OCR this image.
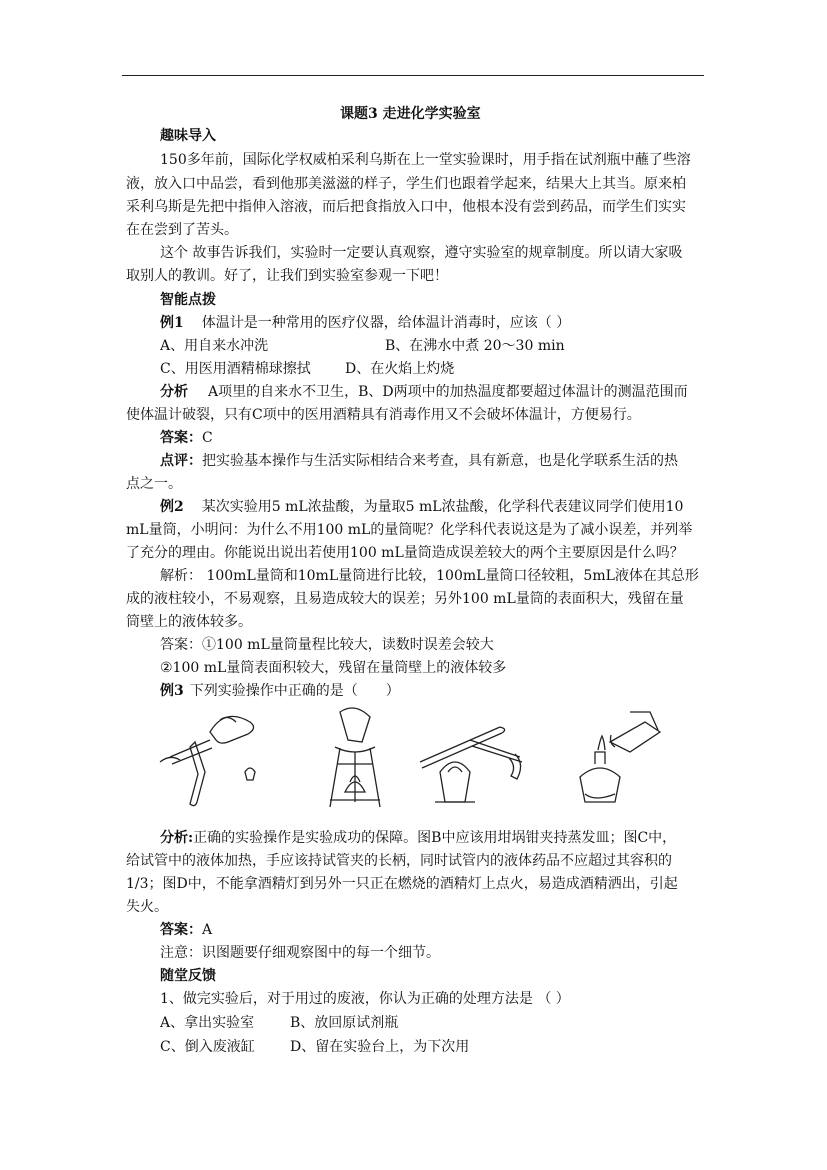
课题3 走进化学实验室
趣味导入
150多年前，国际化学权威柏采利乌斯在上一堂实验课时，用手指在试剂瓶中蘸了些溶
液，放入口中品尝，看到他那美滋滋的样子，学生们也跟着学起来，结果大上其当。原来柏
采利乌斯是先把中指伸入溶液，而后把食指放入口中，他根本没有尝到药品，而学生们实实
在在尝到了苦头。
这个 故事告诉我们，实验时一定要认真观察，遵守实验室的规章制度。所以请大家吸
取别人的教训。好了，让我们到实验室参观一下吧！
智能点拨
例1 体温计是一种常用的医疗仪器，给体温计消毒时，应该（ ）
A、用自来水冲洗	B、在沸水中煮 20～30 min
C、用医用酒精棉球擦拭 D、在火焰上灼烧
分析 A项里的自来水不卫生，B、D两项中的加热温度都要超过体温计的测温范围而
使体温计破裂，只有C项中的医用酒精具有消毒作用又不会破坏体温计，方便易行。
答案：C
点评：把实验基本操作与生活实际相结合来考查，具有新意，也是化学联系生活的热
点之一。
例2 某次实验用5 mL浓盐酸，为量取5 mL浓盐酸，化学科代表建议同学们使用10
mL量筒，小明问：为什么不用100 mL的量筒呢？化学科代表说这是为了减小误差，并列举
了充分的理由。你能说出说出若使用100 mL量筒造成误差较大的两个主要原因是什么吗？
解析： 100mL量筒和10mL量筒进行比较，100mL量筒口径较粗，5mL液体在其总形
成的液柱较小，不易观察，且易造成较大的误差；另外100 mL量筒的表面积大，残留在量
筒壁上的液体较多。
答案：①100 mL量筒量程比较大，读数时误差会较大
②100 mL量筒表面积较大，残留在量筒壁上的液体较多
例3 下列实验操作中正确的是（　　）
分析:正确的实验操作是实验成功的保障。图B中应该用坩埚钳夹持蒸发皿；图C中，
给试管中的液体加热，手应该持试管夹的长柄，同时试管内的液体药品不应超过其容积的
1/3；图D中，不能拿酒精灯到另外一只正在燃烧的酒精灯上点火，易造成酒精洒出，引起
失火。
答案：A
注意：识图题要仔细观察图中的每一个细节。
随堂反馈
1、做完实验后，对于用过的废液，你认为正确的处理方法是 （ ）
A、拿出实验室	B、放回原试剂瓶
C、倒入废液缸	D、留在实验台上，为下次用
